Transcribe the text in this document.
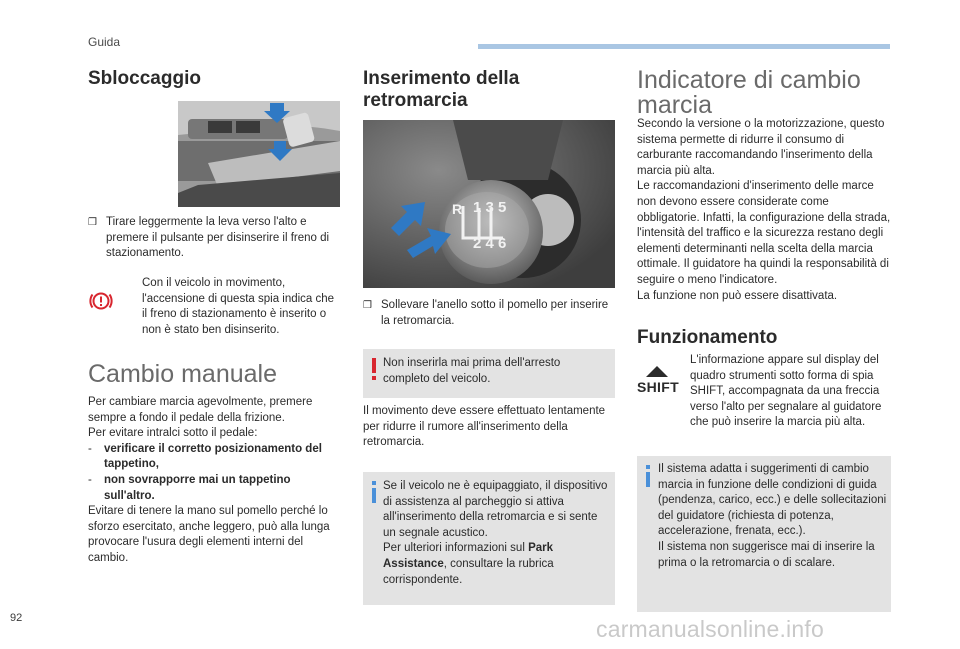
Guida
Sbloccaggio
❒ Tirare leggermente la leva verso l'alto e premere il pulsante per disinserire il freno di stazionamento.
Con il veicolo in movimento, l'accensione di questa spia indica che il freno di stazionamento è inserito o non è stato ben disinserito.
Cambio manuale
Per cambiare marcia agevolmente, premere sempre a fondo il pedale della frizione.
Per evitare intralci sotto il pedale:
-	verificare il corretto posizionamento del tappetino,
-	non sovrapporre mai un tappetino sull'altro.
Evitare di tenere la mano sul pomello perché lo sforzo esercitato, anche leggero, può alla lunga provocare l'usura degli elementi interni del cambio.
Inserimento della retromarcia
1 3 5
2 4 6
R
❒ Sollevare l'anello sotto il pomello per inserire la retromarcia.
Non inserirla mai prima dell'arresto completo del veicolo.
Il movimento deve essere effettuato lentamente per ridurre il rumore all'inserimento della retromarcia.
Se il veicolo ne è equipaggiato, il dispositivo di assistenza al parcheggio si attiva all'inserimento della retromarcia e si sente un segnale acustico.
Per ulteriori informazioni sul Park Assistance, consultare la rubrica corrispondente.
Indicatore di cambio marcia
Secondo la versione o la motorizzazione, questo sistema permette di ridurre il consumo di carburante raccomandando l'inserimento della marcia più alta.
Le raccomandazioni d'inserimento delle marce non devono essere considerate come obbligatorie. Infatti, la configurazione della strada, l'intensità del traffico e la sicurezza restano degli elementi determinanti nella scelta della marcia ottimale. Il guidatore ha quindi la responsabilità di seguire o meno l'indicatore.
La funzione non può essere disattivata.
Funzionamento
SHIFT
L'informazione appare sul display del quadro strumenti sotto forma di spia SHIFT, accompagnata da una freccia verso l'alto per segnalare al guidatore che può inserire la marcia più alta.
Il sistema adatta i suggerimenti di cambio marcia in funzione delle condizioni di guida (pendenza, carico, ecc.) e delle sollecitazioni del guidatore (richiesta di potenza, accelerazione, frenata, ecc.).
Il sistema non suggerisce mai di inserire la prima o la retromarcia o di scalare.
92	carmanualsonline.info
